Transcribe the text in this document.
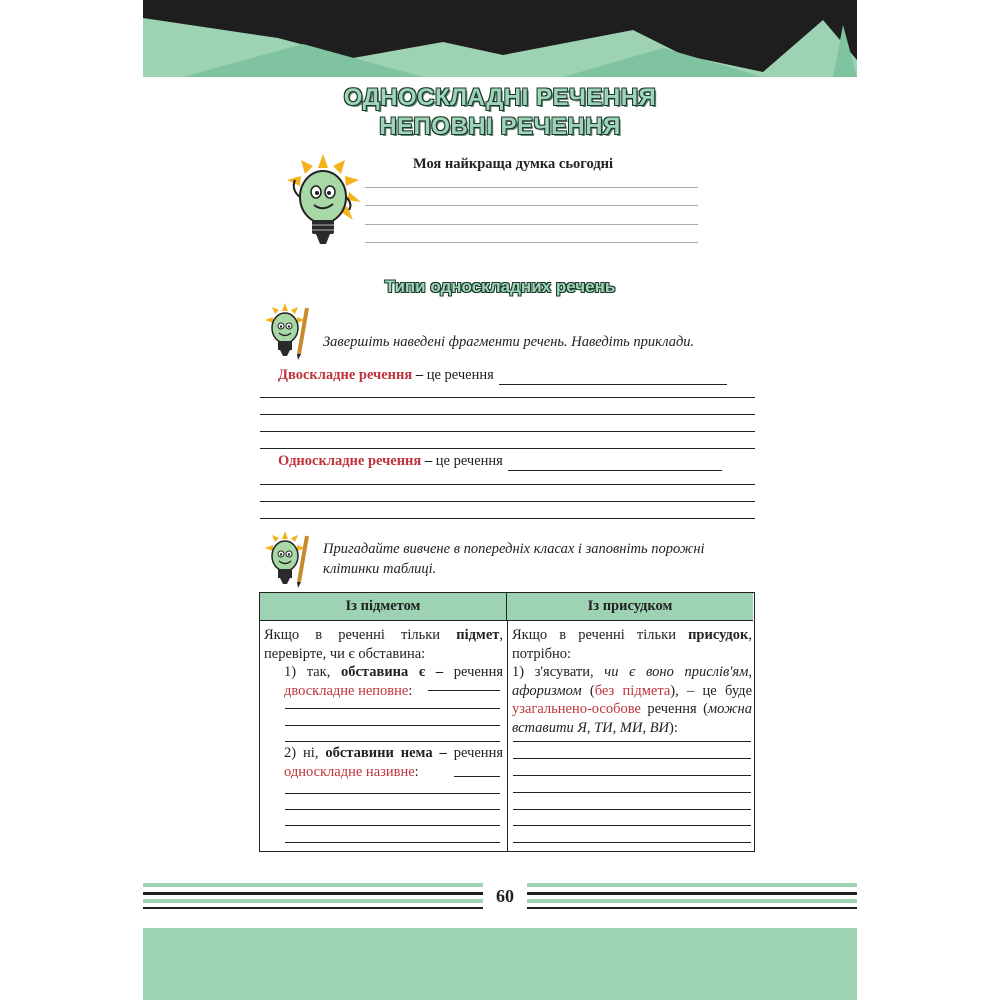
ОДНОСКЛАДНІ РЕЧЕННЯ
НЕПОВНІ РЕЧЕННЯ
Моя найкраща думка сьогодні
Типи односкладних речень
Завершіть наведені фрагменти речень. Наведіть приклади.
Двоскладне речення – це речення
Односкладне речення – це речення
Пригадайте вивчене в попередніх класах і заповніть порожні клітинки таблиці.
Із підметом	Із присудком
Якщо в реченні тільки підмет, перевірте, чи є обставина:
1) так, обставина є – речення двоскладне неповне:
2) ні, обставини нема – речення односкладне називне:
Якщо в реченні тільки присудок, потрібно:
1) з'ясувати, чи є воно прислів'ям, афоризмом (без підмета), – це буде узагальнено-особове речення (можна вставити Я, ТИ, МИ, ВИ):
60
